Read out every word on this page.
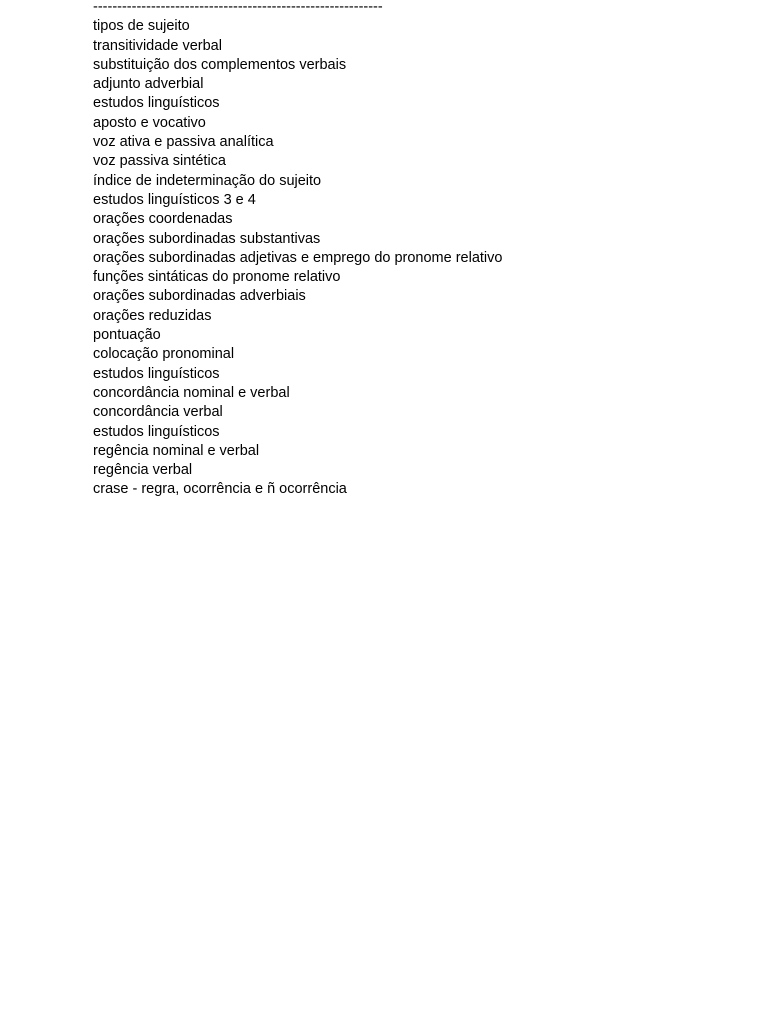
------------------------------------------------------------
tipos de sujeito
transitividade verbal
substituição dos complementos verbais
adjunto adverbial
estudos linguísticos
aposto e vocativo
voz ativa e passiva analítica
voz passiva sintética
índice de indeterminação do sujeito
estudos linguísticos 3 e 4
orações coordenadas
orações subordinadas substantivas
orações subordinadas adjetivas e emprego do pronome relativo
funções sintáticas do pronome relativo
orações subordinadas adverbiais
orações reduzidas
pontuação
colocação pronominal
estudos linguísticos
concordância nominal e verbal
concordância verbal
estudos linguísticos
regência nominal e verbal
regência verbal
crase - regra, ocorrência e ñ ocorrência
